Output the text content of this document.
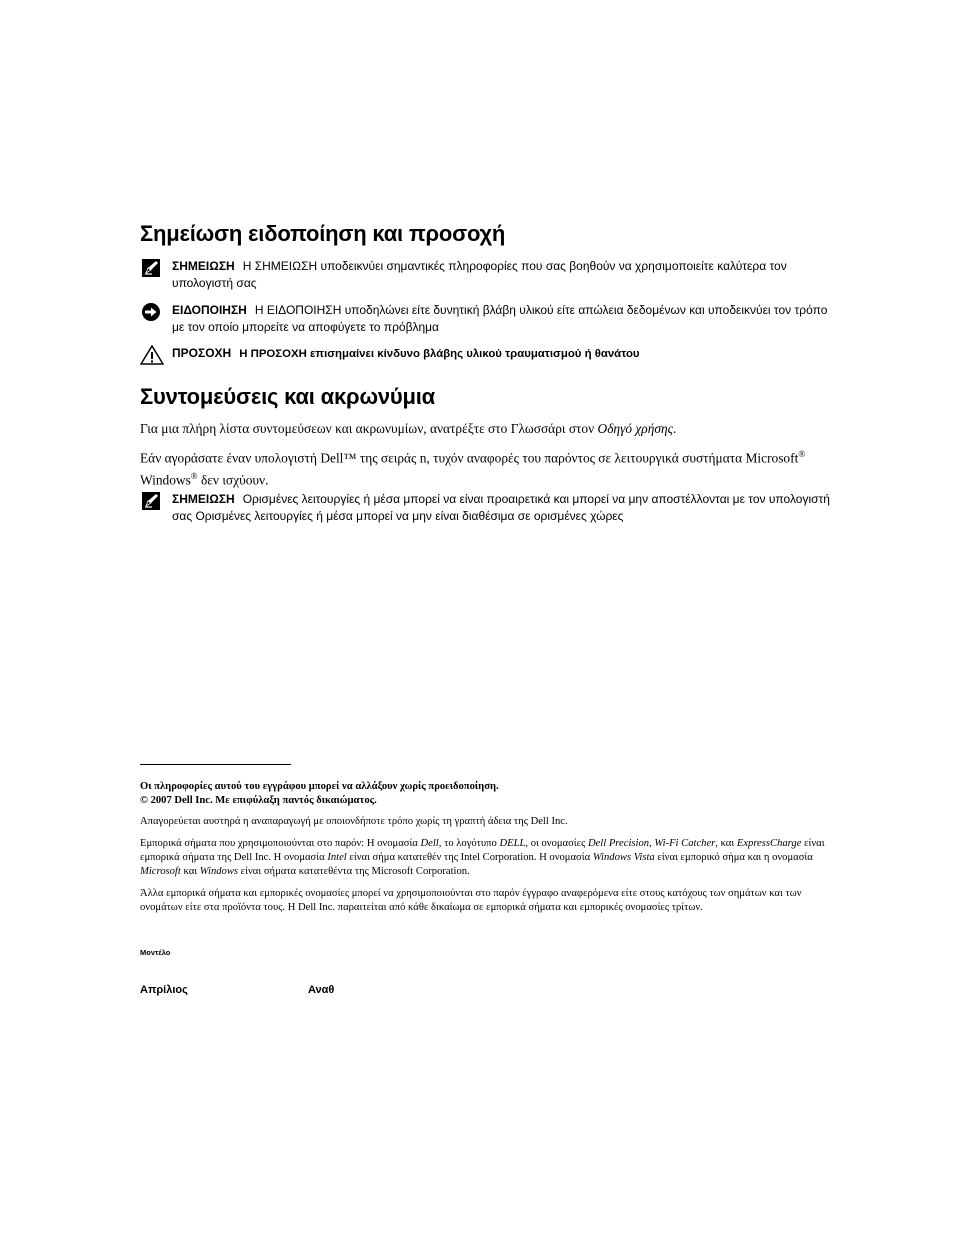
Σημείωση ειδοποίηση και προσοχή
ΣΗΜΕΙΩΣΗ Η ΣΗΜΕΙΩΣΗ υποδεικνύει σημαντικές πληροφορίες που σας βοηθούν να χρησιμοποιείτε καλύτερα τον υπολογιστή σας
ΕΙΔΟΠΟΙΗΣΗ Η ΕΙΔΟΠΟΙΗΣΗ υποδηλώνει είτε δυνητική βλάβη υλικού είτε απώλεια δεδομένων και υποδεικνύει τον τρόπο με τον οποίο μπορείτε να αποφύγετε το πρόβλημα
ΠΡΟΣΟΧΗ Η ΠΡΟΣΟΧΗ επισημαίνει κίνδυνο βλάβης υλικού τραυματισμού ή θανάτου
Συντομεύσεις και ακρωνύμια
Για μια πλήρη λίστα συντομεύσεων και ακρωνυμίων, ανατρέξτε στο Γλωσσάρι στον Οδηγό χρήσης.
Εάν αγοράσατε έναν υπολογιστή Dell™ της σειράς n, τυχόν αναφορές του παρόντος σε λειτουργικά συστήματα Microsoft® Windows® δεν ισχύουν.
ΣΗΜΕΙΩΣΗ Ορισμένες λειτουργίες ή μέσα μπορεί να είναι προαιρετικά και μπορεί να μην αποστέλλονται με τον υπολογιστή σας Ορισμένες λειτουργίες ή μέσα μπορεί να μην είναι διαθέσιμα σε ορισμένες χώρες
Οι πληροφορίες αυτού του εγγράφου μπορεί να αλλάξουν χωρίς προειδοποίηση.
© 2007 Dell Inc. Με επιφύλαξη παντός δικαιώματος.
Απαγορεύεται αυστηρά η αναπαραγωγή με οποιονδήποτε τρόπο χωρίς τη γραπτή άδεια της Dell Inc.
Εμπορικά σήματα που χρησιμοποιούνται στο παρόν: Η ονομασία Dell, το λογότυπο DELL, οι ονομασίες Dell Precision, Wi-Fi Catcher, και ExpressCharge είναι εμπορικά σήματα της Dell Inc. Η ονομασία Intel είναι σήμα κατατεθέν της Intel Corporation. Η ονομασία Windows Vista είναι εμπορικό σήμα και η ονομασία Microsoft και Windows είναι σήματα κατατεθέντα της Microsoft Corporation.
Άλλα εμπορικά σήματα και εμπορικές ονομασίες μπορεί να χρησιμοποιούνται στο παρόν έγγραφο αναφερόμενα είτε στους κατόχους των σημάτων και των ονομάτων είτε στα προϊόντα τους. Η Dell Inc. παραιτείται από κάθε δικαίωμα σε εμπορικά σήματα και εμπορικές ονομασίες τρίτων.
Μοντέλο
Απρίλιος	Αναθ
